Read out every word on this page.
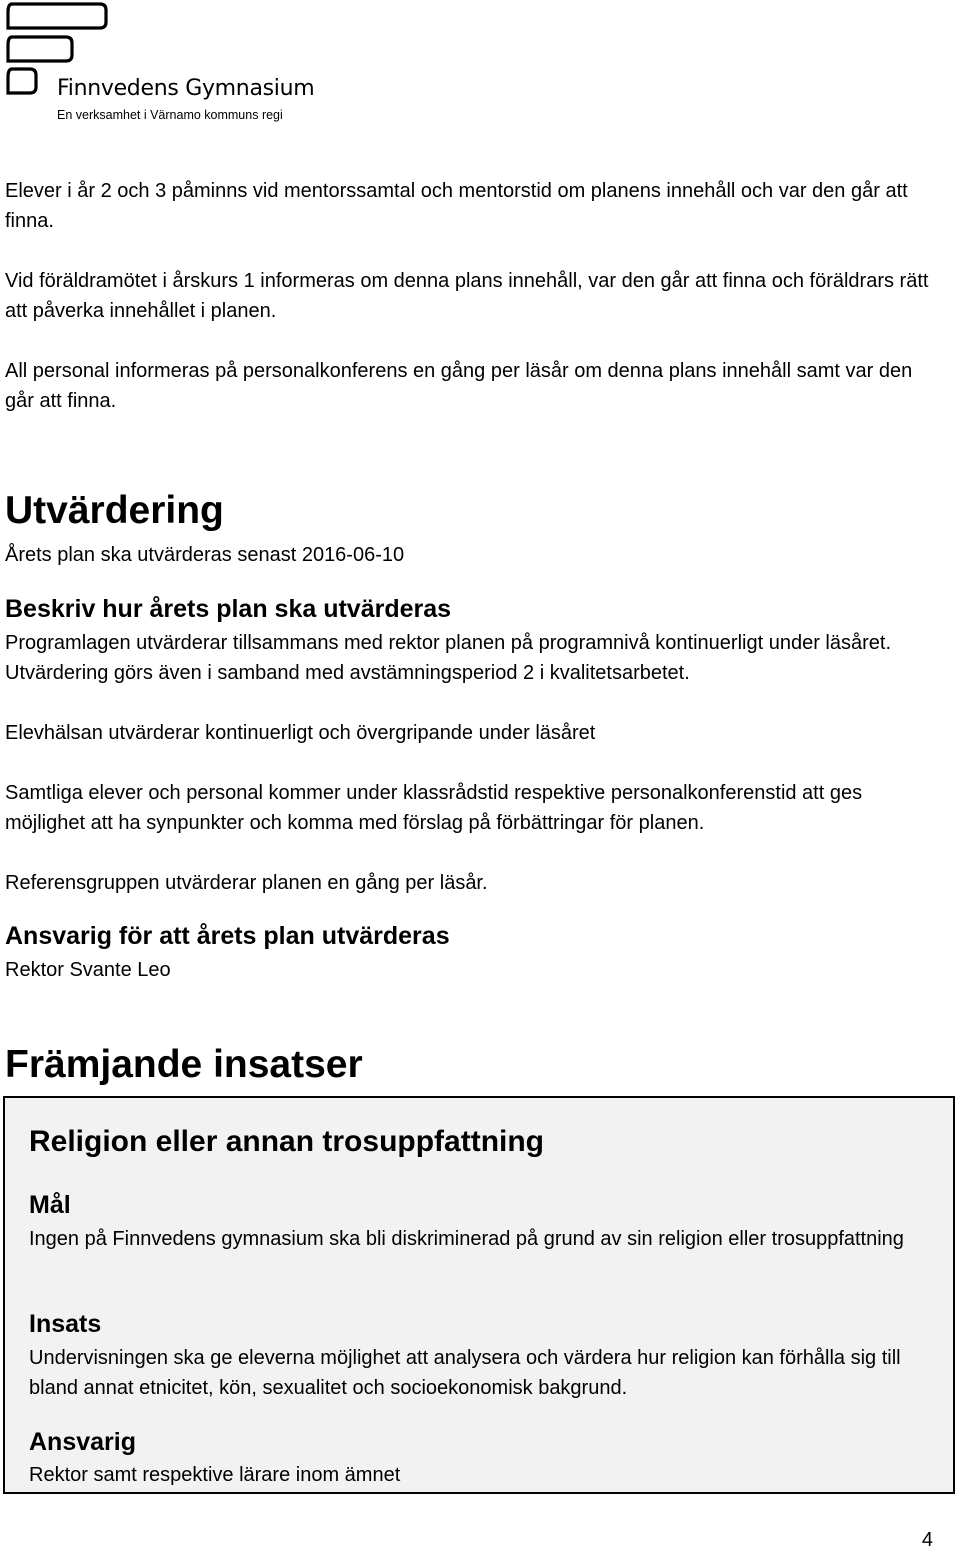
Finnvedens Gymnasium
En verksamhet i Värnamo kommuns regi

Elever i år 2 och 3 påminns vid mentorssamtal och mentorstid om planens innehåll och var den går att finna.

Vid föräldramötet i årskurs 1 informeras om denna plans innehåll, var den går att finna och föräldrars rätt att påverka innehållet i planen.

All personal informeras på personalkonferens en gång per läsår om denna plans innehåll samt var den går att finna.

Utvärdering

Årets plan ska utvärderas senast 2016-06-10

Beskriv hur årets plan ska utvärderas

Programlagen utvärderar tillsammans med rektor planen på programnivå kontinuerligt under läsåret. Utvärdering görs även i samband med avstämningsperiod 2 i kvalitetsarbetet.

Elevhälsan utvärderar kontinuerligt och övergripande under läsåret

Samtliga elever och personal kommer under klassrådstid respektive personalkonferenstid att ges möjlighet att ha synpunkter och komma med förslag på förbättringar för planen.

Referensgruppen utvärderar planen en gång per läsår.

Ansvarig för att årets plan utvärderas

Rektor Svante Leo

Främjande insatser
Religion eller annan trosuppfattning
Mål

Ingen på Finnvedens gymnasium ska bli diskriminerad på grund av sin religion eller trosuppfattning

Insats

Undervisningen ska ge eleverna möjlighet att analysera och värdera hur religion kan förhålla sig till bland annat etnicitet, kön, sexualitet och socioekonomisk bakgrund.

Ansvarig

Rektor samt respektive lärare inom ämnet

4
